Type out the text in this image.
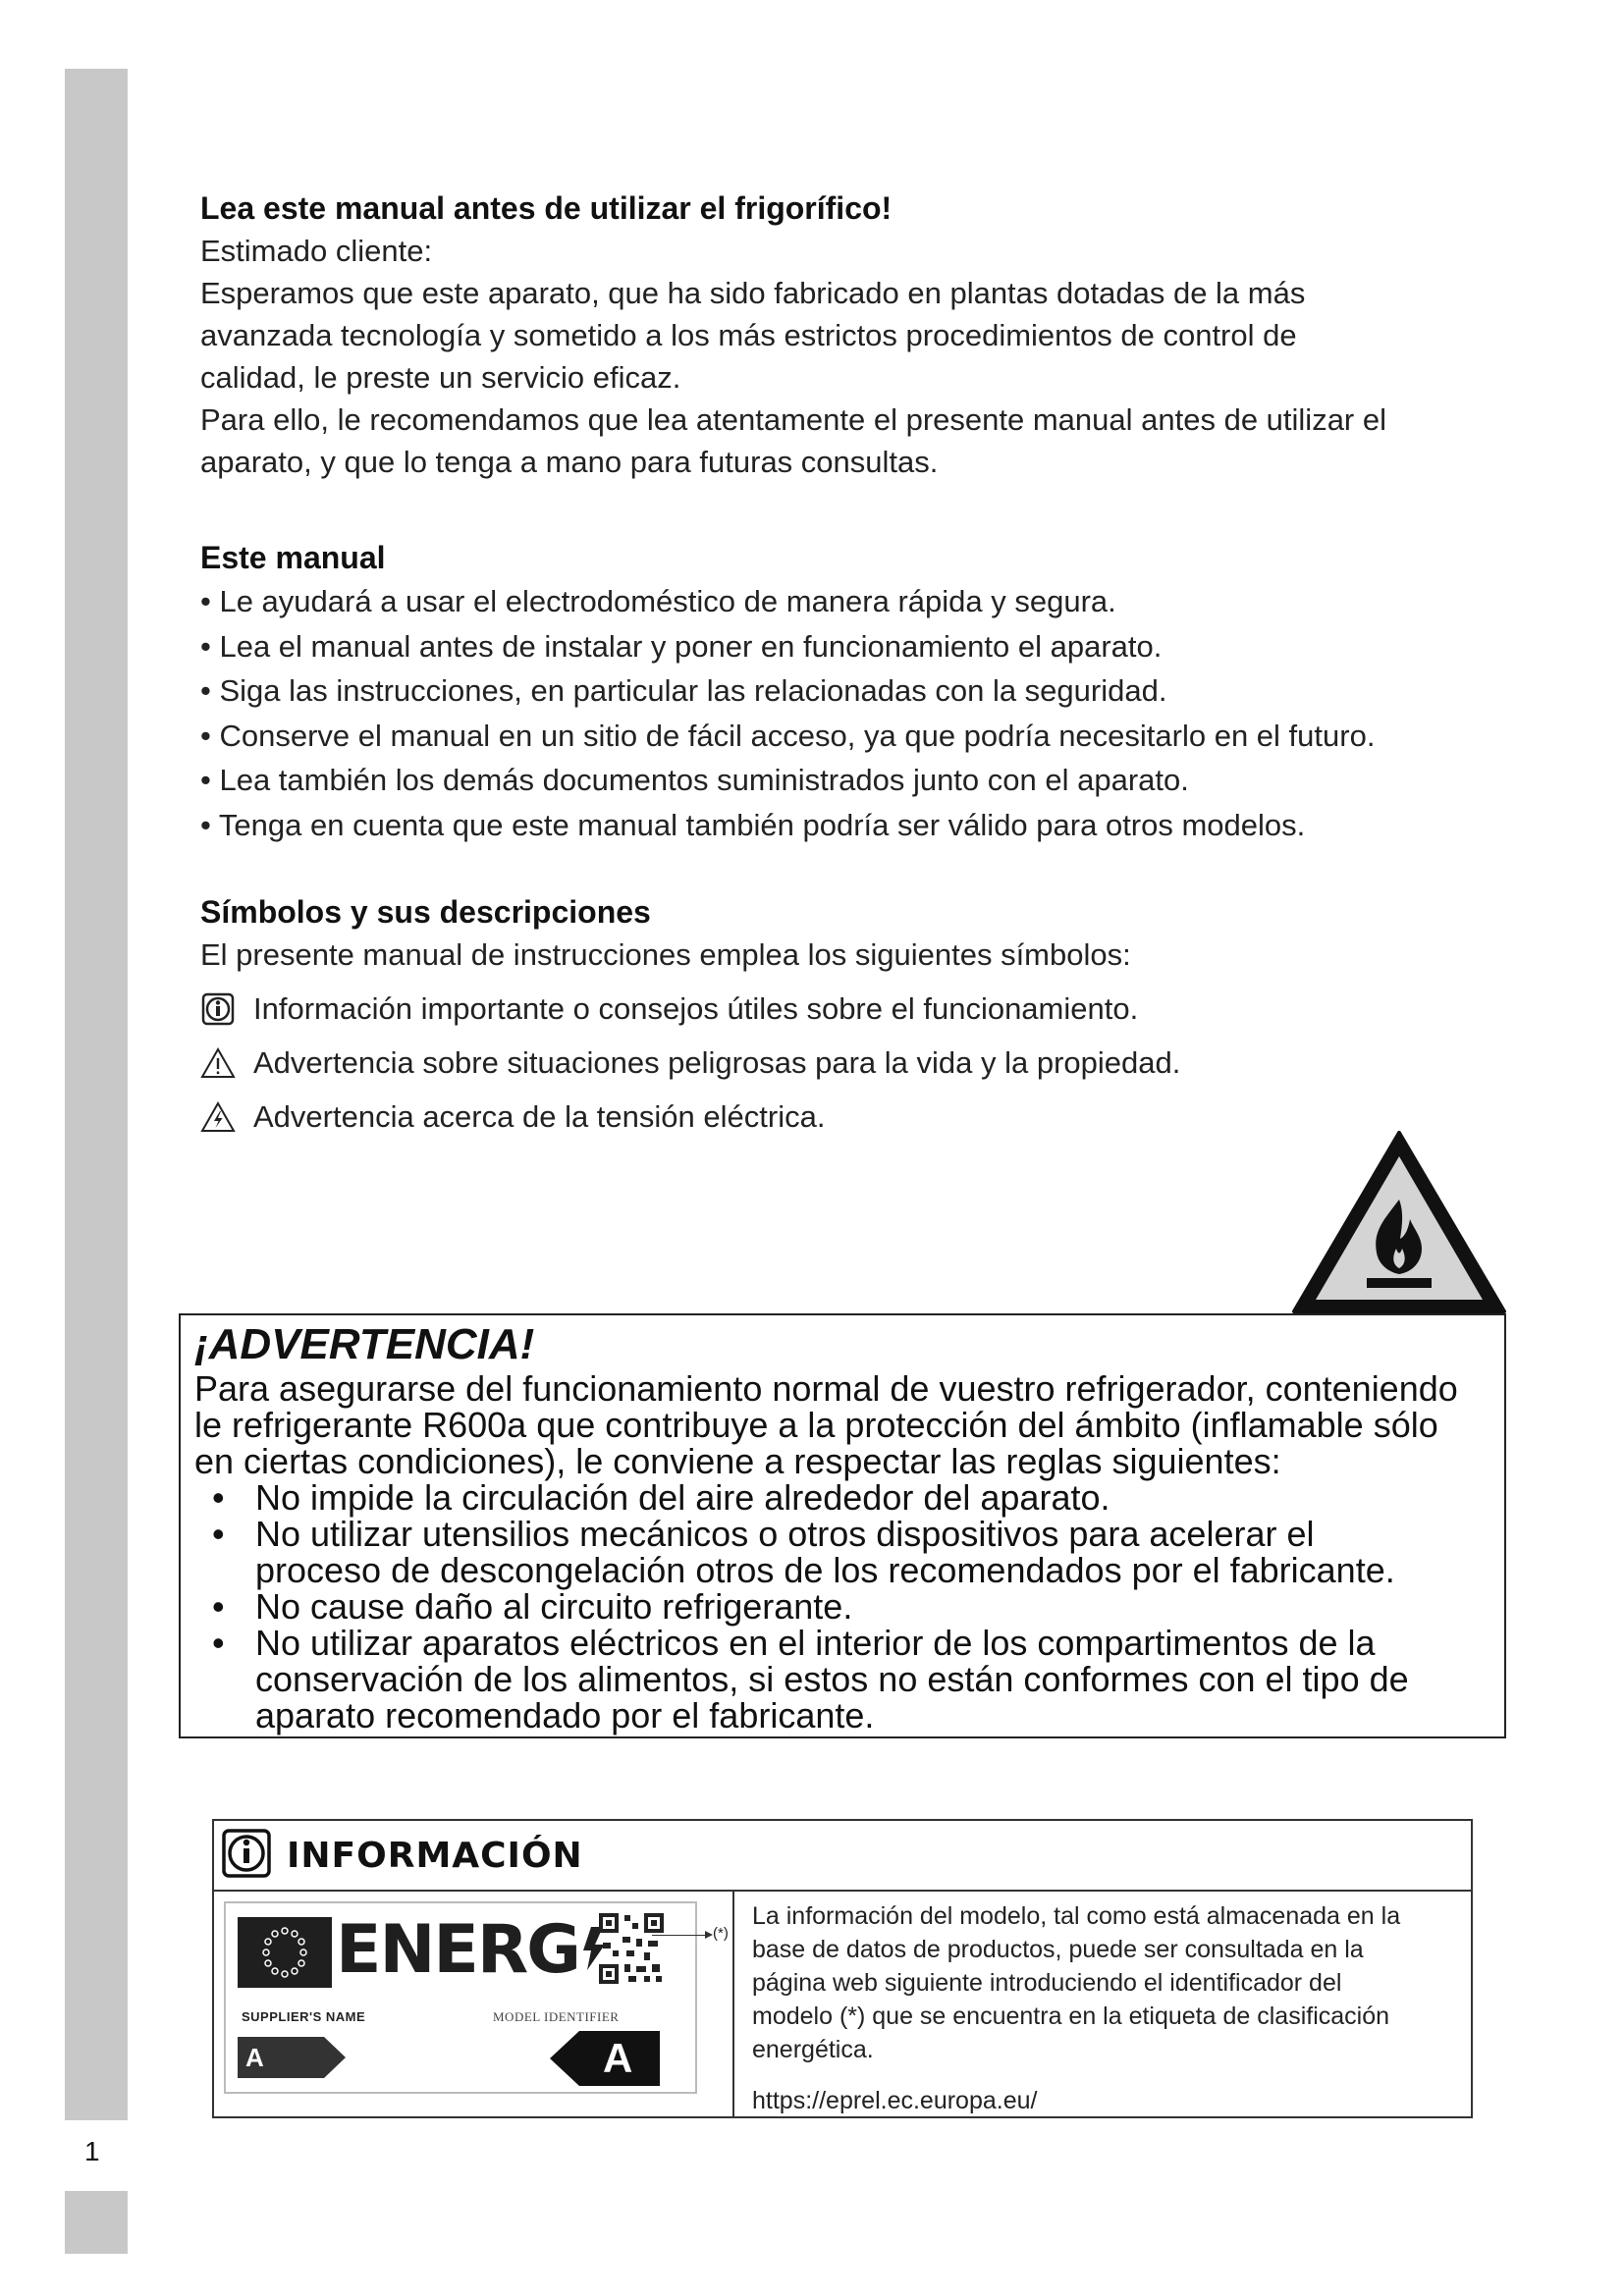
1
Lea este manual antes de utilizar el frigorífico!
Estimado cliente:
Esperamos que este aparato, que ha sido fabricado en plantas dotadas de la más
avanzada tecnología y sometido a los más estrictos procedimientos de control de
calidad, le preste un servicio eficaz.
Para ello, le recomendamos que lea atentamente el presente manual antes de utilizar el
aparato, y que lo tenga a mano para futuras consultas.
Este manual
• Le ayudará a usar el electrodoméstico de manera rápida y segura.
• Lea el manual antes de instalar y poner en funcionamiento el aparato.
• Siga las instrucciones, en particular las relacionadas con la seguridad.
• Conserve el manual en un sitio de fácil acceso, ya que podría necesitarlo en el futuro.
• Lea también los demás documentos suministrados junto con el aparato.
• Tenga en cuenta que este manual también podría ser válido para otros modelos.
Símbolos y sus descripciones
El presente manual de instrucciones emplea los siguientes símbolos:
Información importante o consejos útiles sobre el funcionamiento.
Advertencia sobre situaciones peligrosas para la vida y la propiedad.
Advertencia acerca de la tensión eléctrica.
¡ADVERTENCIA!
Para asegurarse del funcionamiento normal de vuestro refrigerador, conteniendo
le refrigerante R600a que contribuye a la protección del ámbito (inflamable sólo
en ciertas condiciones), le conviene a respectar las reglas siguientes:
• No impide la circulación del aire alrededor del aparato.
• No utilizar utensilios mecánicos o otros dispositivos para acelerar el
proceso de descongelación otros de los recomendados por el fabricante.
• No cause daño al circuito refrigerante.
• No utilizar aparatos eléctricos en el interior de los compartimentos de la
conservación de los alimentos, si estos no están conformes con el tipo de
aparato recomendado por el fabricante.
INFORMACIÓN
ENERG
SUPPLIER'S NAME	MODEL IDENTIFIER
A	A
(*)
La información del modelo, tal como está almacenada en la
base de datos de productos, puede ser consultada en la
página web siguiente introduciendo el identificador del
modelo (*) que se encuentra en la etiqueta de clasificación
energética.
https://eprel.ec.europa.eu/
